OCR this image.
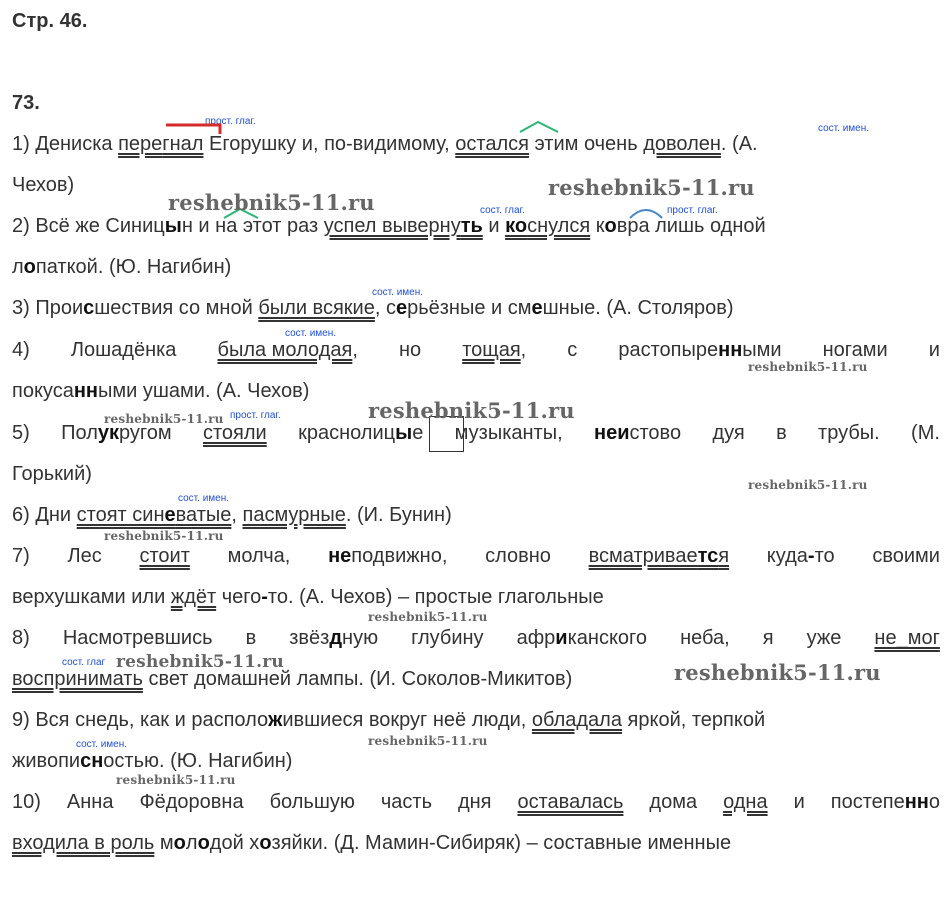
Стр. 46.
73.
1) Дениска перегнал Егорушку и, по-видимому, остался этим очень доволен. (А.
Чехов)
2) Всё же Синицын и на этот раз успел вывернуть и коснулся ковра лишь одной
лопаткой. (Ю. Нагибин)
3) Происшествия со мной были всякие, серьёзные и смешные. (А. Столяров)
4) Лошадёнка была молодая, но тощая, с растопыренными ногами и
покусанными ушами. (А. Чехов)
5) Полукругом стояли краснолицые музыканты, неистово дуя в трубы. (М.
Горький)
6) Дни стоят синеватые, пасмурные. (И. Бунин)
7) Лес стоит молча, неподвижно, словно всматривается куда-то своими
верхушками или ждёт чего-то. (А. Чехов) – простые глагольные
8) Насмотревшись в звёздную глубину африканского неба, я уже не_мог
воспринимать свет домашней лампы. (И. Соколов-Микитов)
9) Вся снедь, как и расположившиеся вокруг неё люди, обладала яркой, терпкой
живописностью. (Ю. Нагибин)
10) Анна Фёдоровна большую часть дня оставалась дома одна и постепенно
входила в роль молодой хозяйки. (Д. Мамин-Сибиряк) – составные именные
прост. глаг.
сост. имен.
сост. глаг.	прост. глаг.
сост. имен.
сост. имен.
прост. глаг.
сост. имен.
сост. глаг
сост. имен.
reshebnik5-11.ru
reshebnik5-11.ru
reshebnik5-11.ru
reshebnik5-11.ru
reshebnik5-11.ru
reshebnik5-11.ru
reshebnik5-11.ru
reshebnik5-11.ru
reshebnik5-11.ru	reshebnik5-11.ru
reshebnik5-11.ru
reshebnik5-11.ru
